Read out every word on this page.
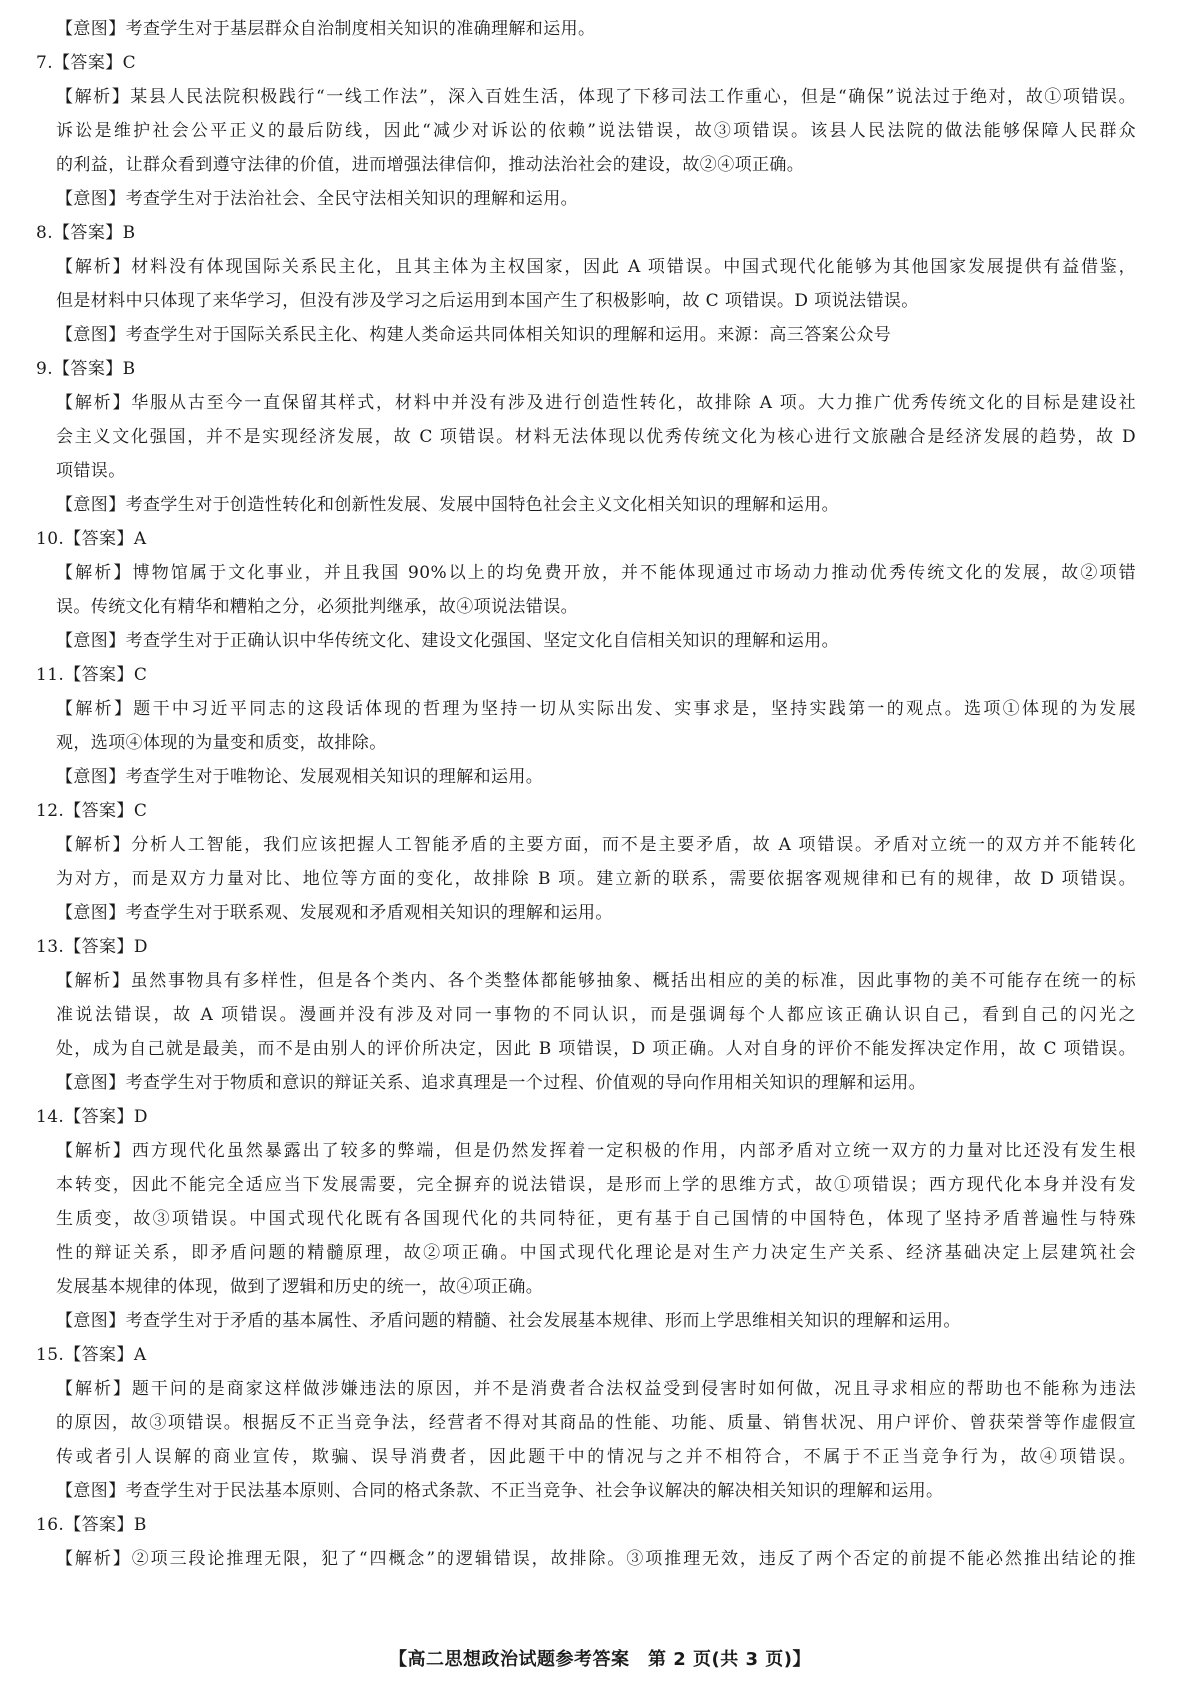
【意图】考查学生对于基层群众自治制度相关知识的准确理解和运用。
7.【答案】C
【解析】某县人民法院积极践行“一线工作法”，深入百姓生活，体现了下移司法工作重心，但是“确保”说法过于绝对，故①项错误。
诉讼是维护社会公平正义的最后防线，因此“减少对诉讼的依赖”说法错误，故③项错误。该县人民法院的做法能够保障人民群众
的利益，让群众看到遵守法律的价值，进而增强法律信仰，推动法治社会的建设，故②④项正确。
【意图】考查学生对于法治社会、全民守法相关知识的理解和运用。
8.【答案】B
【解析】材料没有体现国际关系民主化，且其主体为主权国家，因此 A 项错误。中国式现代化能够为其他国家发展提供有益借鉴，
但是材料中只体现了来华学习，但没有涉及学习之后运用到本国产生了积极影响，故 C 项错误。D 项说法错误。
【意图】考查学生对于国际关系民主化、构建人类命运共同体相关知识的理解和运用。来源：高三答案公众号
9.【答案】B
【解析】华服从古至今一直保留其样式，材料中并没有涉及进行创造性转化，故排除 A 项。大力推广优秀传统文化的目标是建设社
会主义文化强国，并不是实现经济发展，故 C 项错误。材料无法体现以优秀传统文化为核心进行文旅融合是经济发展的趋势，故 D
项错误。
【意图】考查学生对于创造性转化和创新性发展、发展中国特色社会主义文化相关知识的理解和运用。
10.【答案】A
【解析】博物馆属于文化事业，并且我国 90%以上的均免费开放，并不能体现通过市场动力推动优秀传统文化的发展，故②项错
误。传统文化有精华和糟粕之分，必须批判继承，故④项说法错误。
【意图】考查学生对于正确认识中华传统文化、建设文化强国、坚定文化自信相关知识的理解和运用。
11.【答案】C
【解析】题干中习近平同志的这段话体现的哲理为坚持一切从实际出发、实事求是，坚持实践第一的观点。选项①体现的为发展
观，选项④体现的为量变和质变，故排除。
【意图】考查学生对于唯物论、发展观相关知识的理解和运用。
12.【答案】C
【解析】分析人工智能，我们应该把握人工智能矛盾的主要方面，而不是主要矛盾，故 A 项错误。矛盾对立统一的双方并不能转化
为对方，而是双方力量对比、地位等方面的变化，故排除 B 项。建立新的联系，需要依据客观规律和已有的规律，故 D 项错误。
【意图】考查学生对于联系观、发展观和矛盾观相关知识的理解和运用。
13.【答案】D
【解析】虽然事物具有多样性，但是各个类内、各个类整体都能够抽象、概括出相应的美的标准，因此事物的美不可能存在统一的标
准说法错误，故 A 项错误。漫画并没有涉及对同一事物的不同认识，而是强调每个人都应该正确认识自己，看到自己的闪光之
处，成为自己就是最美，而不是由别人的评价所决定，因此 B 项错误，D 项正确。人对自身的评价不能发挥决定作用，故 C 项错误。
【意图】考查学生对于物质和意识的辩证关系、追求真理是一个过程、价值观的导向作用相关知识的理解和运用。
14.【答案】D
【解析】西方现代化虽然暴露出了较多的弊端，但是仍然发挥着一定积极的作用，内部矛盾对立统一双方的力量对比还没有发生根
本转变，因此不能完全适应当下发展需要，完全摒弃的说法错误，是形而上学的思维方式，故①项错误；西方现代化本身并没有发
生质变，故③项错误。中国式现代化既有各国现代化的共同特征，更有基于自己国情的中国特色，体现了坚持矛盾普遍性与特殊
性的辩证关系，即矛盾问题的精髓原理，故②项正确。中国式现代化理论是对生产力决定生产关系、经济基础决定上层建筑社会
发展基本规律的体现，做到了逻辑和历史的统一，故④项正确。
【意图】考查学生对于矛盾的基本属性、矛盾问题的精髓、社会发展基本规律、形而上学思维相关知识的理解和运用。
15.【答案】A
【解析】题干问的是商家这样做涉嫌违法的原因，并不是消费者合法权益受到侵害时如何做，况且寻求相应的帮助也不能称为违法
的原因，故③项错误。根据反不正当竞争法，经营者不得对其商品的性能、功能、质量、销售状况、用户评价、曾获荣誉等作虚假宣
传或者引人误解的商业宣传，欺骗、误导消费者，因此题干中的情况与之并不相符合，不属于不正当竞争行为，故④项错误。
【意图】考查学生对于民法基本原则、合同的格式条款、不正当竞争、社会争议解决的解决相关知识的理解和运用。
16.【答案】B
【解析】②项三段论推理无限，犯了“四概念”的逻辑错误，故排除。③项推理无效，违反了两个否定的前提不能必然推出结论的推
【高二思想政治试题参考答案　第 2 页(共 3 页)】
